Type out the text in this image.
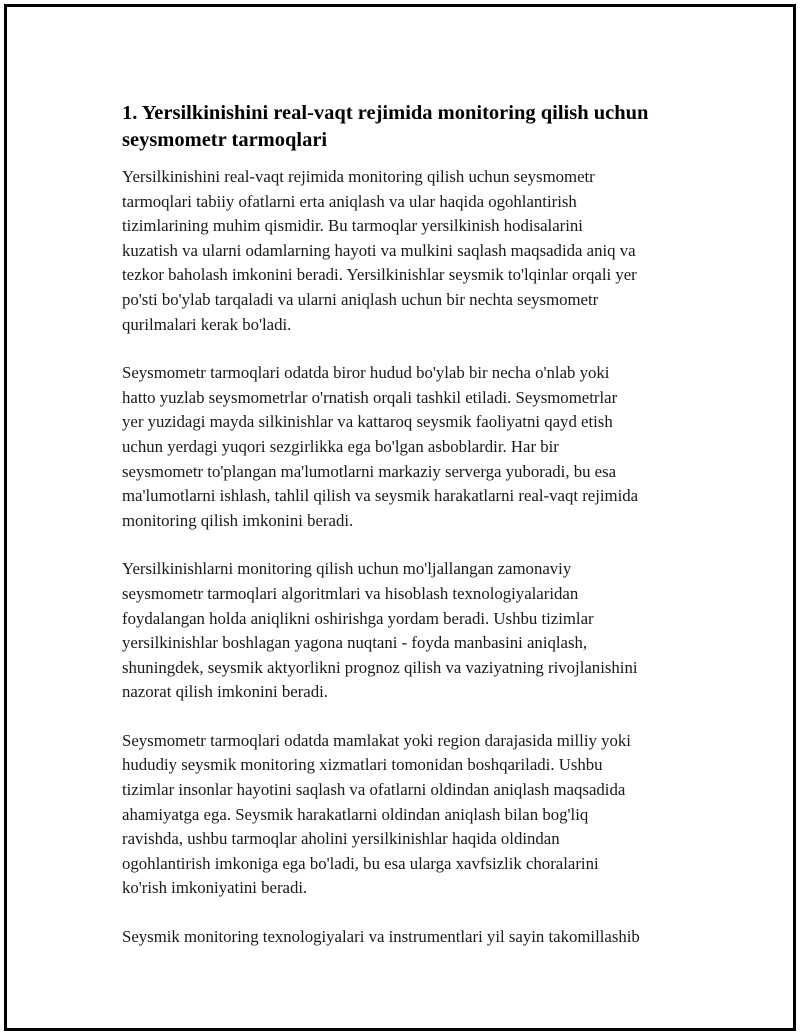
1. Yersilkinishini real-vaqt rejimida monitoring qilish uchun
seysmometr tarmoqlari

Yersilkinishini real-vaqt rejimida monitoring qilish uchun seysmometr
tarmoqlari tabiiy ofatlarni erta aniqlash va ular haqida ogohlantirish
tizimlarining muhim qismidir. Bu tarmoqlar yersilkinish hodisalarini
kuzatish va ularni odamlarning hayoti va mulkini saqlash maqsadida aniq va
tezkor baholash imkonini beradi. Yersilkinishlar seysmik to'lqinlar orqali yer
po'sti bo'ylab tarqaladi va ularni aniqlash uchun bir nechta seysmometr
qurilmalari kerak bo'ladi.

Seysmometr tarmoqlari odatda biror hudud bo'ylab bir necha o'nlab yoki
hatto yuzlab seysmometrlar o'rnatish orqali tashkil etiladi. Seysmometrlar
yer yuzidagi mayda silkinishlar va kattaroq seysmik faoliyatni qayd etish
uchun yerdagi yuqori sezgirlikka ega bo'lgan asboblardir. Har bir
seysmometr to'plangan ma'lumotlarni markaziy serverga yuboradi, bu esa
ma'lumotlarni ishlash, tahlil qilish va seysmik harakatlarni real-vaqt rejimida
monitoring qilish imkonini beradi.

Yersilkinishlarni monitoring qilish uchun mo'ljallangan zamonaviy
seysmometr tarmoqlari algoritmlari va hisoblash texnologiyalaridan
foydalangan holda aniqlikni oshirishga yordam beradi. Ushbu tizimlar
yersilkinishlar boshlagan yagona nuqtani - foyda manbasini aniqlash,
shuningdek, seysmik aktyorlikni prognoz qilish va vaziyatning rivojlanishini
nazorat qilish imkonini beradi.

Seysmometr tarmoqlari odatda mamlakat yoki region darajasida milliy yoki
hududiy seysmik monitoring xizmatlari tomonidan boshqariladi. Ushbu
tizimlar insonlar hayotini saqlash va ofatlarni oldindan aniqlash maqsadida
ahamiyatga ega. Seysmik harakatlarni oldindan aniqlash bilan bog'liq
ravishda, ushbu tarmoqlar aholini yersilkinishlar haqida oldindan
ogohlantirish imkoniga ega bo'ladi, bu esa ularga xavfsizlik choralarini
ko'rish imkoniyatini beradi.

Seysmik monitoring texnologiyalari va instrumentlari yil sayin takomillashib
